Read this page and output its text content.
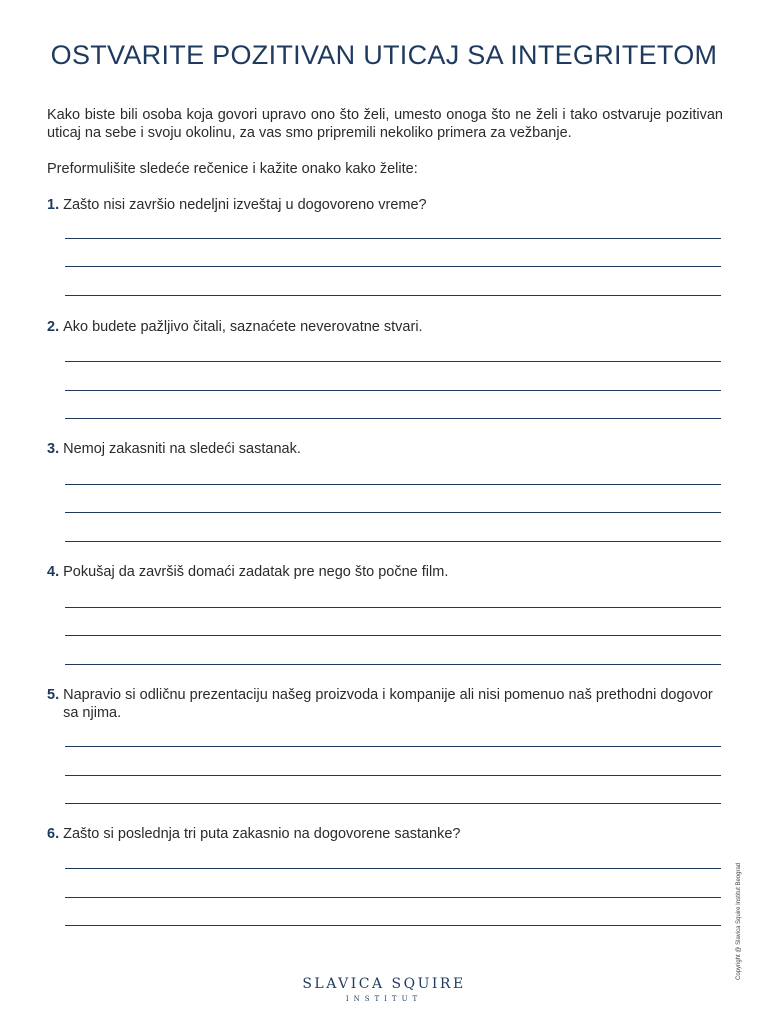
OSTVARITE POZITIVAN UTICAJ SA INTEGRITETOM

Kako biste bili osoba koja govori upravo ono što želi, umesto onoga što ne želi i tako ostvaruje pozitivan uticaj na sebe i svoju okolinu, za vas smo pripremili nekoliko primera za vežbanje.

Preformulišite sledeće rečenice i kažite onako kako želite:

1. Zašto nisi završio nedeljni izveštaj u dogovoreno vreme?
2. Ako budete pažljivo čitali, saznaćete neverovatne stvari.
3. Nemoj zakasniti na sledeći sastanak.
4. Pokušaj da završiš domaći zadatak pre nego što počne film.
5. Napravio si odličnu prezentaciju našeg proizvoda i kompanije ali nisi pomenuo naš prethodni dogovor sa njima.
6. Zašto si poslednja tri puta zakasnio na dogovorene sastanke?
Copyright @ Slavica Squire Institut Beograd
SLAVICA SQUIRE
INSTITUT
